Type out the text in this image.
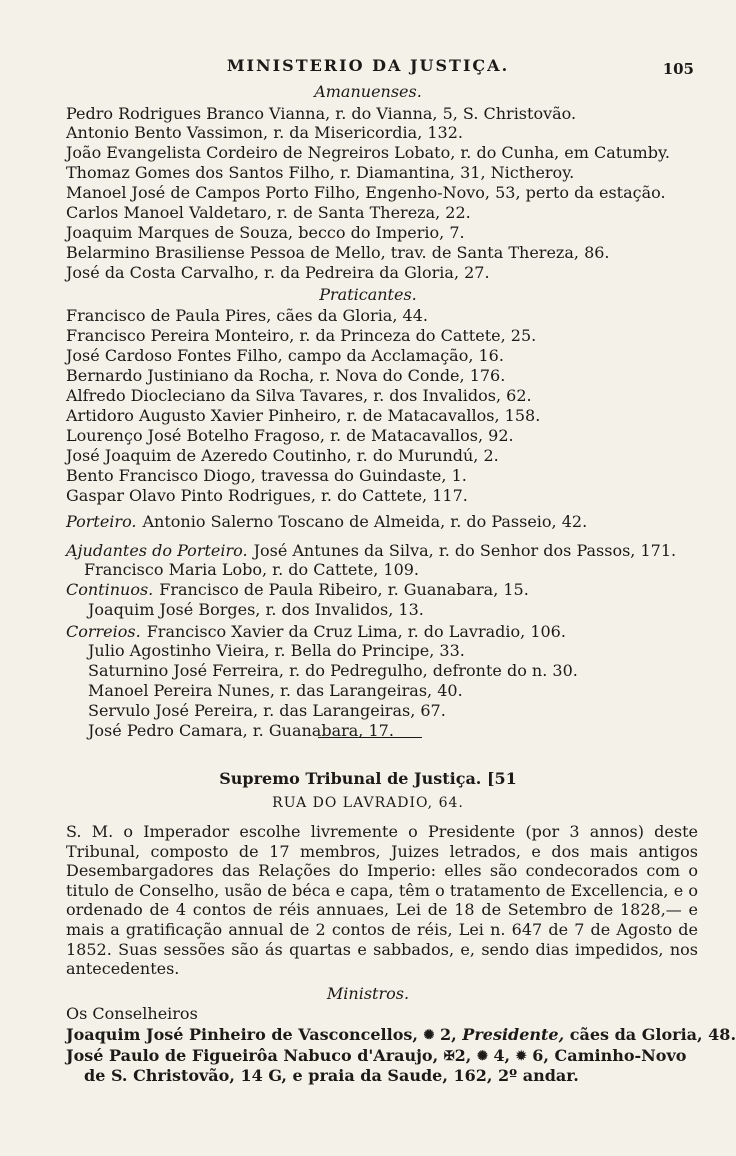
MINISTERIO DA JUSTIÇA.	105
Amanuenses.
Pedro Rodrigues Branco Vianna, r. do Vianna, 5, S. Christovão.
Antonio Bento Vassimon, r. da Misericordia, 132.
João Evangelista Cordeiro de Negreiros Lobato, r. do Cunha, em Catumby.
Thomaz Gomes dos Santos Filho, r. Diamantina, 31, Nictheroy.
Manoel José de Campos Porto Filho, Engenho-Novo, 53, perto da estação.
Carlos Manoel Valdetaro, r. de Santa Thereza, 22.
Joaquim Marques de Souza, becco do Imperio, 7.
Belarmino Brasiliense Pessoa de Mello, trav. de Santa Thereza, 86.
José da Costa Carvalho, r. da Pedreira da Gloria, 27.
Praticantes.
Francisco de Paula Pires, cães da Gloria, 44.
Francisco Pereira Monteiro, r. da Princeza do Cattete, 25.
José Cardoso Fontes Filho, campo da Acclamação, 16.
Bernardo Justiniano da Rocha, r. Nova do Conde, 176.
Alfredo Diocleciano da Silva Tavares, r. dos Invalidos, 62.
Artidoro Augusto Xavier Pinheiro, r. de Matacavallos, 158.
Lourenço José Botelho Fragoso, r. de Matacavallos, 92.
José Joaquim de Azeredo Coutinho, r. do Murundú, 2.
Bento Francisco Diogo, travessa do Guindaste, 1.
Gaspar Olavo Pinto Rodrigues, r. do Cattete, 117.
Porteiro. Antonio Salerno Toscano de Almeida, r. do Passeio, 42.
Ajudantes do Porteiro. José Antunes da Silva, r. do Senhor dos Passos, 171.
Francisco Maria Lobo, r. do Cattete, 109.
Continuos. Francisco de Paula Ribeiro, r. Guanabara, 15.
Joaquim José Borges, r. dos Invalidos, 13.
Correios. Francisco Xavier da Cruz Lima, r. do Lavradio, 106.
Julio Agostinho Vieira, r. Bella do Principe, 33.
Saturnino José Ferreira, r. do Pedregulho, defronte do n. 30.
Manoel Pereira Nunes, r. das Larangeiras, 40.
Servulo José Pereira, r. das Larangeiras, 67.
José Pedro Camara, r. Guanabara, 17.
Supremo Tribunal de Justiça. [51
RUA DO LAVRADIO, 64.
S. M. o Imperador escolhe livremente o Presidente (por 3 annos) deste Tribunal, composto de 17 membros, Juizes letrados, e dos mais antigos Desembargadores das Relações do Imperio: elles são condecorados com o titulo de Conselho, usão de béca e capa, têm o tratamento de Excellencia, e o ordenado de 4 contos de réis annuaes, Lei de 18 de Setembro de 1828,— e mais a gratificação annual de 2 contos de réis, Lei n. 647 de 7 de Agosto de 1852. Suas sessões são ás quartas e sabbados, e, sendo dias impedidos, nos antecedentes.
Ministros.
Os Conselheiros
Joaquim José Pinheiro de Vasconcellos, ✺ 2, Presidente, cães da Gloria, 48.
José Paulo de Figueirôa Nabuco d'Araujo, ✠2, ✺ 4, ✹ 6, Caminho-Novo
de S. Christovão, 14 G, e praia da Saude, 162, 2º andar.
